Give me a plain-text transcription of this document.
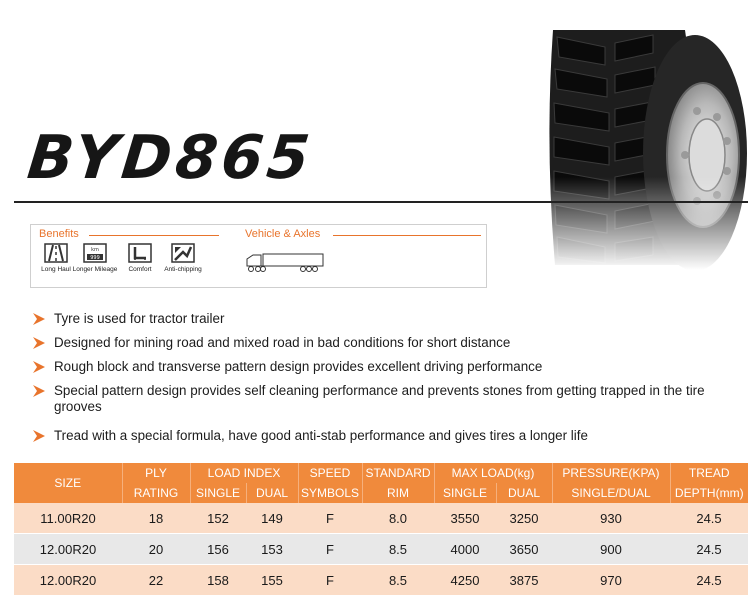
BYD865
Benefits	Vehicle & Axles
Long Haul
km
999
Longer Mileage	Comfort	Anti-chipping
Tyre is used for tractor trailer
Designed for mining road and mixed road in bad conditions for short distance
Rough block and transverse pattern design provides excellent driving performance
Special pattern design provides self cleaning performance and prevents stones from getting trapped in the tire grooves
Tread with a special formula, have good anti-stab performance and gives tires a longer life
SIZE	PLY	LOAD INDEX		SPEED	STANDARD	MAX LOAD(kg)		PRESSURE(KPA)	TREAD
	RATING	SINGLE	DUAL	SYMBOLS	RIM	SINGLE	DUAL	SINGLE/DUAL	DEPTH(mm)
11.00R20	18	152	149	F	8.0	3550	3250	930	24.5
12.00R20	20	156	153	F	8.5	4000	3650	900	24.5
12.00R20	22	158	155	F	8.5	4250	3875	970	24.5
